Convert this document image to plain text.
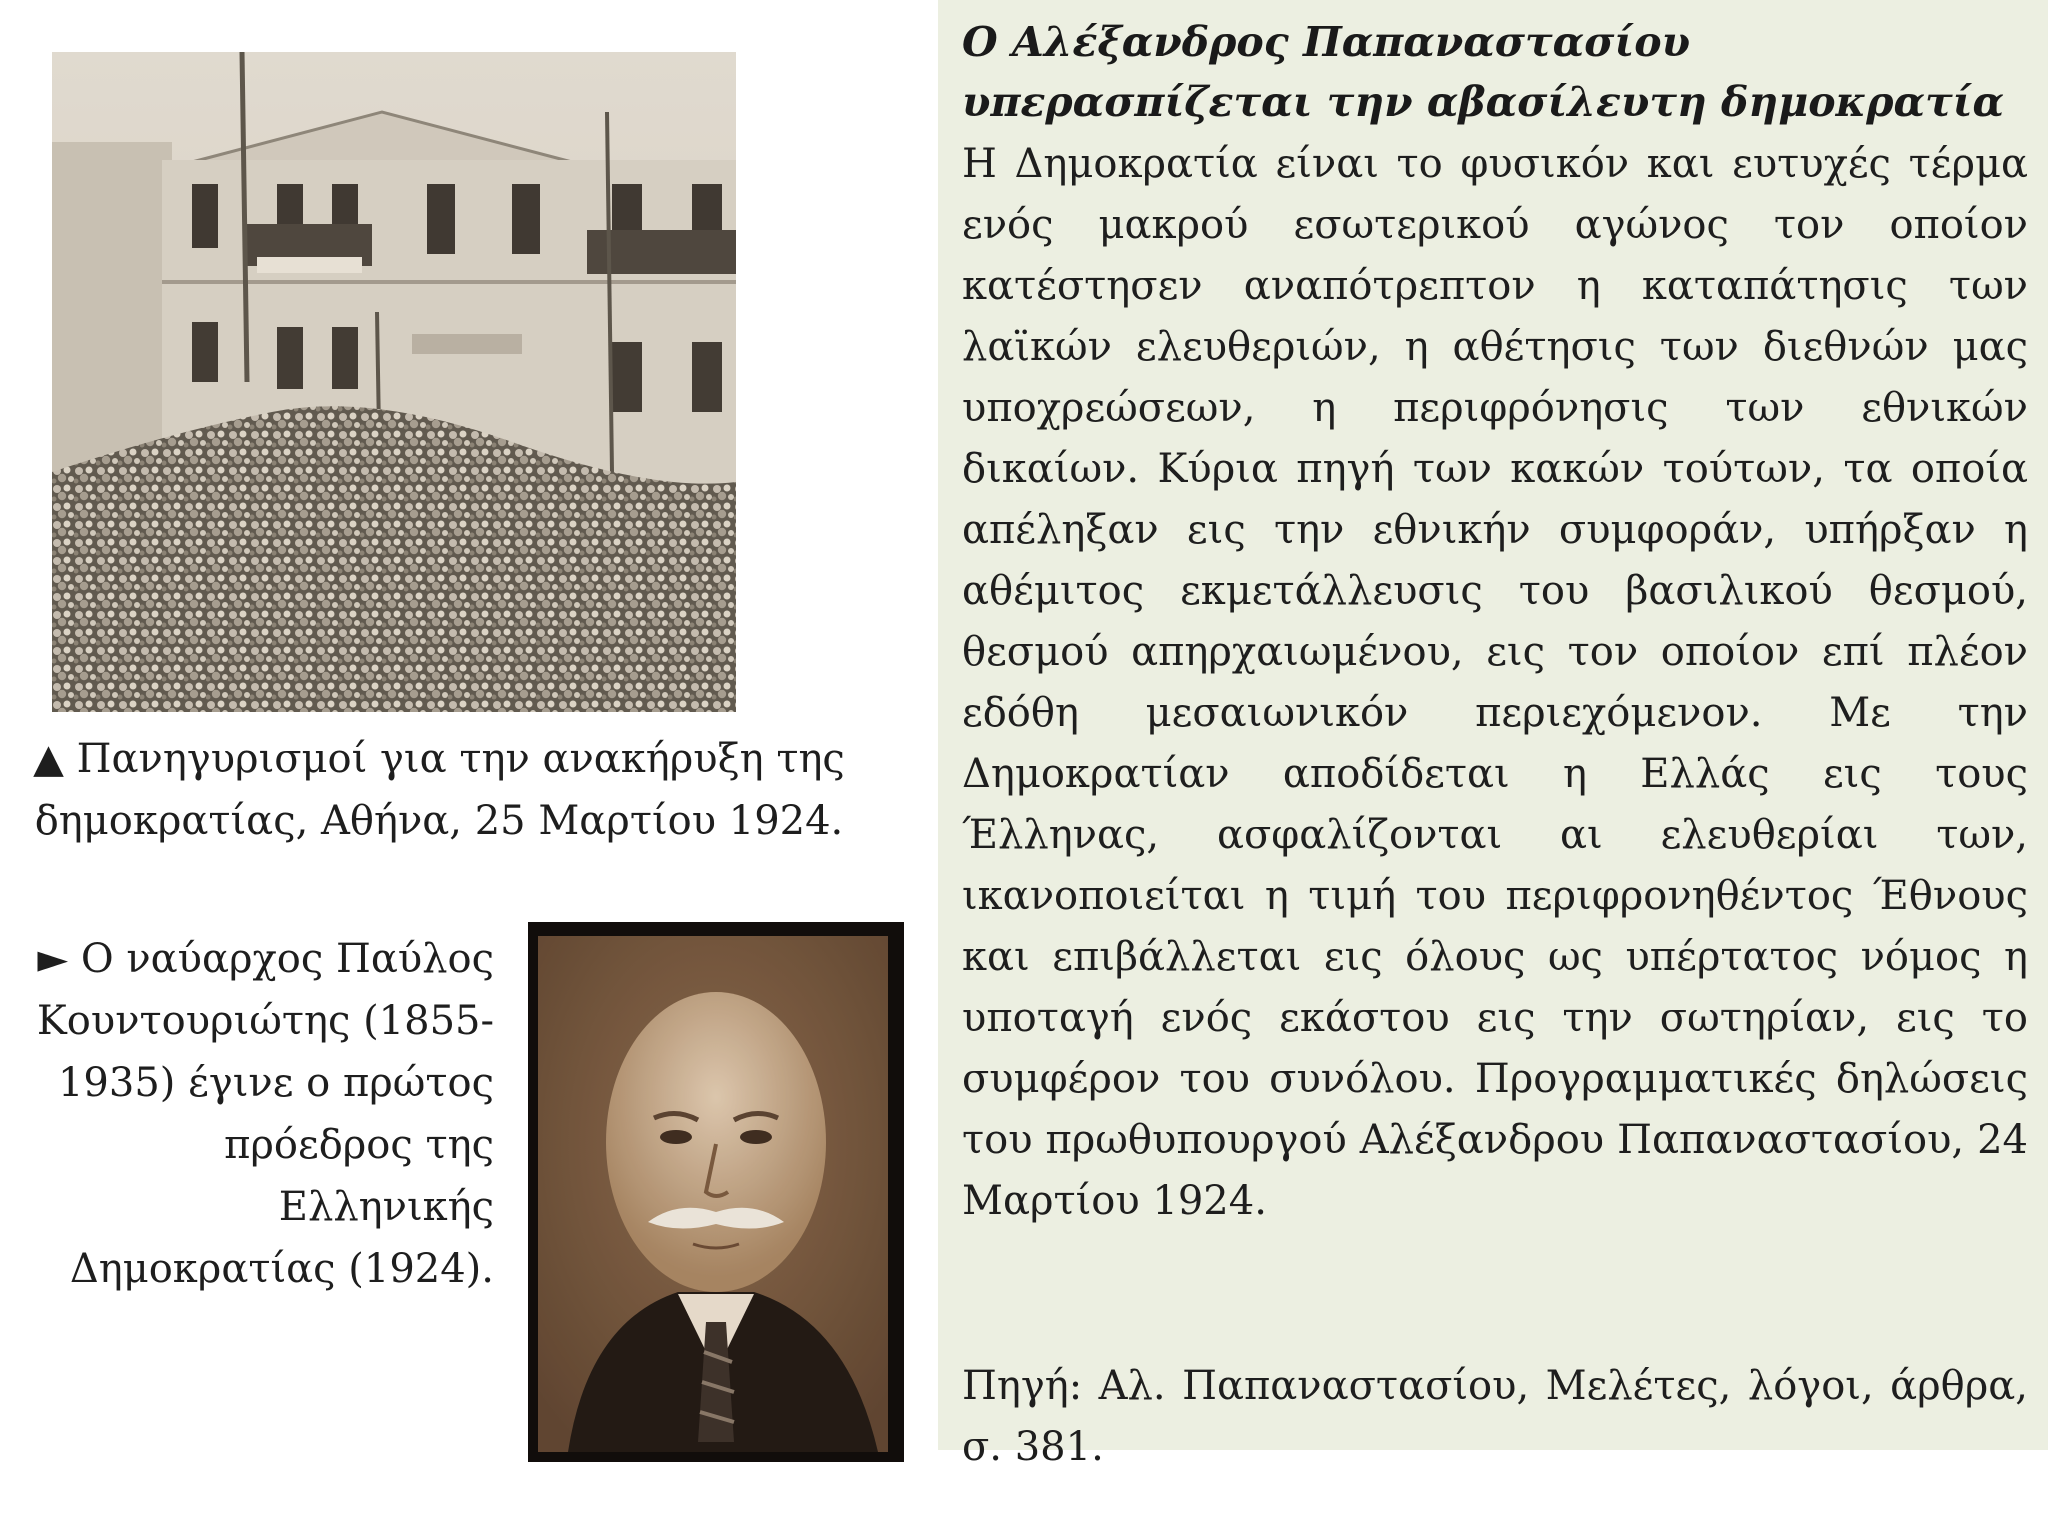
▲ Πανηγυρισμοί για την ανακήρυξη της δημοκρατίας, Αθήνα, 25 Μαρτίου 1924.
► Ο ναύαρχος Παύλος Κουντουριώτης (1855-1935) έγινε ο πρώτος πρόεδρος της Ελληνικής Δημοκρατίας (1924).
Ο Αλέξανδρος Παπαναστασίου υπερασπίζεται την αβασίλευτη δημοκρατία
Η Δημοκρατία είναι το φυσικόν και ευτυχές τέρμα ενός μακρού εσωτερικού αγώνος τον οποίον κατέστησεν αναπότρεπτον η καταπάτησις των λαϊκών ελευθεριών, η αθέτησις των διεθνών μας υποχρεώσεων, η περιφρόνησις των εθνικών δικαίων. Κύρια πηγή των κακών τούτων, τα οποία απέληξαν εις την εθνικήν συμφοράν, υπήρξαν η αθέμιτος εκμετάλλευσις του βασιλικού θεσμού, θεσμού απηρχαιωμένου, εις τον οποίον επί πλέον εδόθη μεσαιωνικόν περιεχόμενον. Με την Δημοκρατίαν αποδίδεται η Ελλάς εις τους Έλληνας, ασφαλίζονται αι ελευθερίαι των, ικανοποιείται η τιμή του περιφρονηθέντος Έθνους και επιβάλλεται εις όλους ως υπέρτατος νόμος η υποταγή ενός εκάστου εις την σωτηρίαν, εις το συμφέρον του συνόλου. Προγραμματικές δηλώσεις του πρωθυπουργού Αλέξανδρου Παπαναστασίου, 24 Μαρτίου 1924.
Πηγή: Αλ. Παπαναστασίου, Μελέτες, λόγοι, άρθρα, σ. 381.
